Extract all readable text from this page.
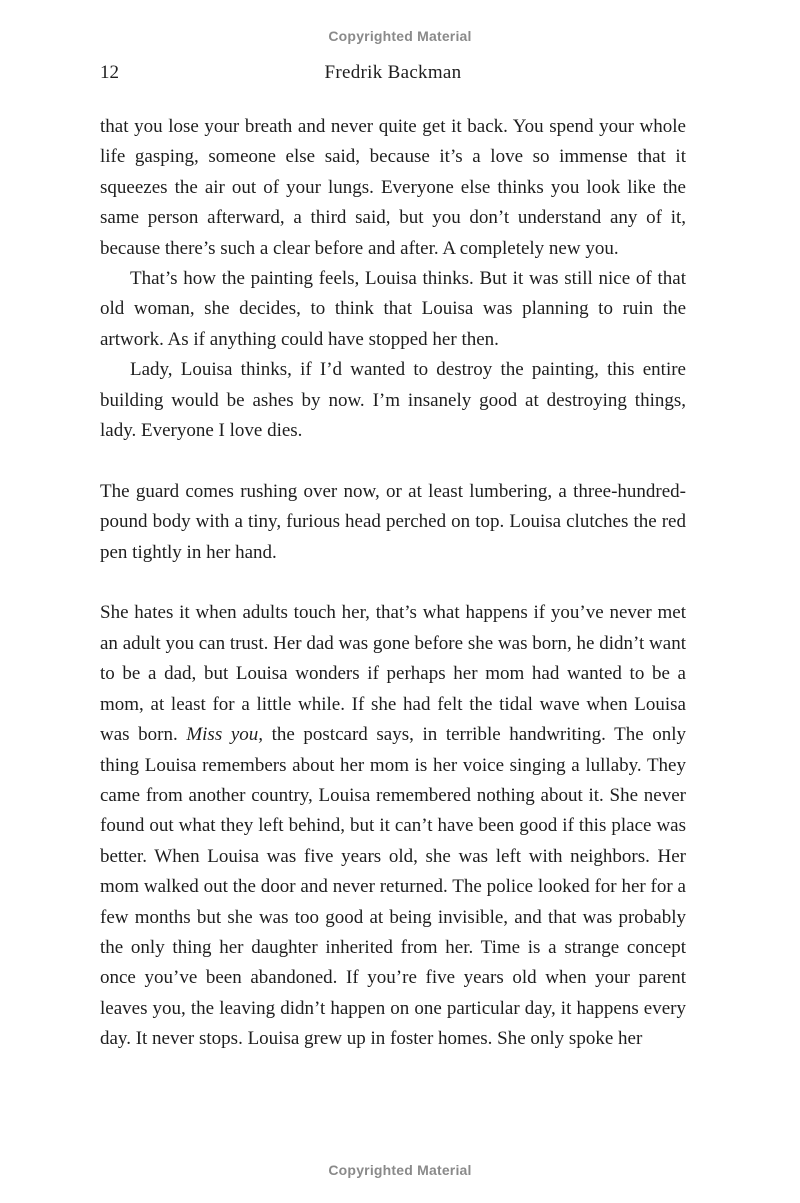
Copyrighted Material
12	Fredrik Backman

that you lose your breath and never quite get it back. You spend your whole life gasping, someone else said, because it’s a love so immense that it squeezes the air out of your lungs. Everyone else thinks you look like the same person afterward, a third said, but you don’t understand any of it, because there’s such a clear before and after. A completely new you.

That’s how the painting feels, Louisa thinks. But it was still nice of that old woman, she decides, to think that Louisa was planning to ruin the artwork. As if anything could have stopped her then.

Lady, Louisa thinks, if I’d wanted to destroy the painting, this entire building would be ashes by now. I’m insanely good at destroying things, lady. Everyone I love dies.

The guard comes rushing over now, or at least lumbering, a three-hundred-pound body with a tiny, furious head perched on top. Louisa clutches the red pen tightly in her hand.

She hates it when adults touch her, that’s what happens if you’ve never met an adult you can trust. Her dad was gone before she was born, he didn’t want to be a dad, but Louisa wonders if perhaps her mom had wanted to be a mom, at least for a little while. If she had felt the tidal wave when Louisa was born. Miss you, the postcard says, in terrible handwriting. The only thing Louisa remembers about her mom is her voice singing a lullaby. They came from another country, Louisa remembered nothing about it. She never found out what they left behind, but it can’t have been good if this place was better. When Louisa was five years old, she was left with neighbors. Her mom walked out the door and never returned. The police looked for her for a few months but she was too good at being invisible, and that was probably the only thing her daughter inherited from her. Time is a strange concept once you’ve been abandoned. If you’re five years old when your parent leaves you, the leaving didn’t happen on one particular day, it happens every day. It never stops. Louisa grew up in foster homes. She only spoke her

Copyrighted Material
